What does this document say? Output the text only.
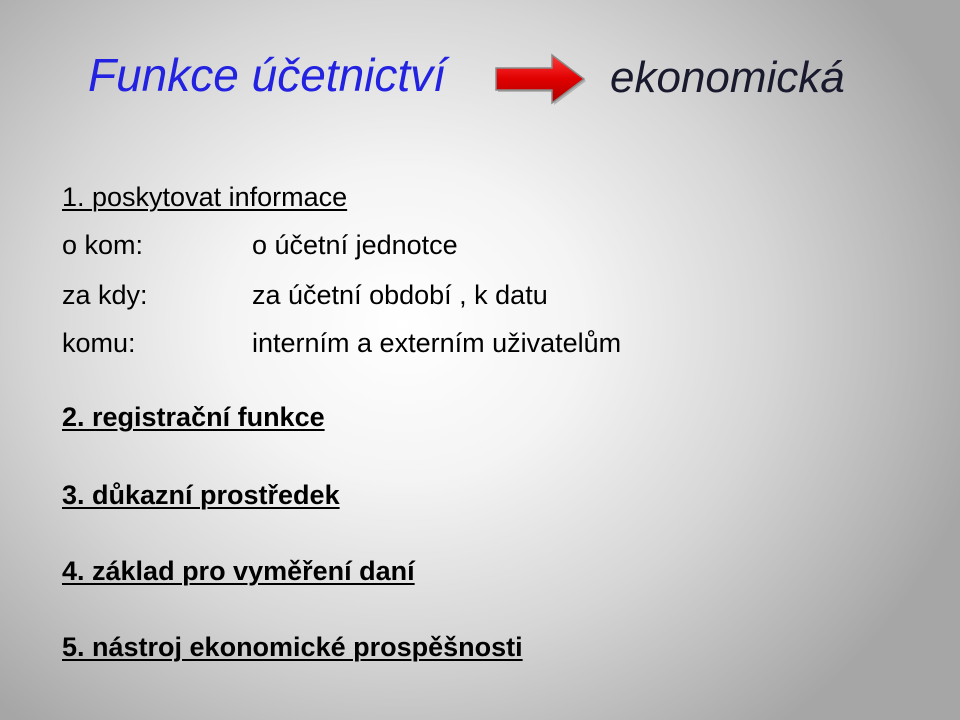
Funkce účetnictví	ekonomická
1. poskytovat informace
o kom:	o účetní jednotce
za kdy:	za účetní období , k datu
komu:	interním a externím uživatelům
2. registrační funkce
3. důkazní prostředek
4. základ pro vyměření daní
5. nástroj ekonomické prospěšnosti
